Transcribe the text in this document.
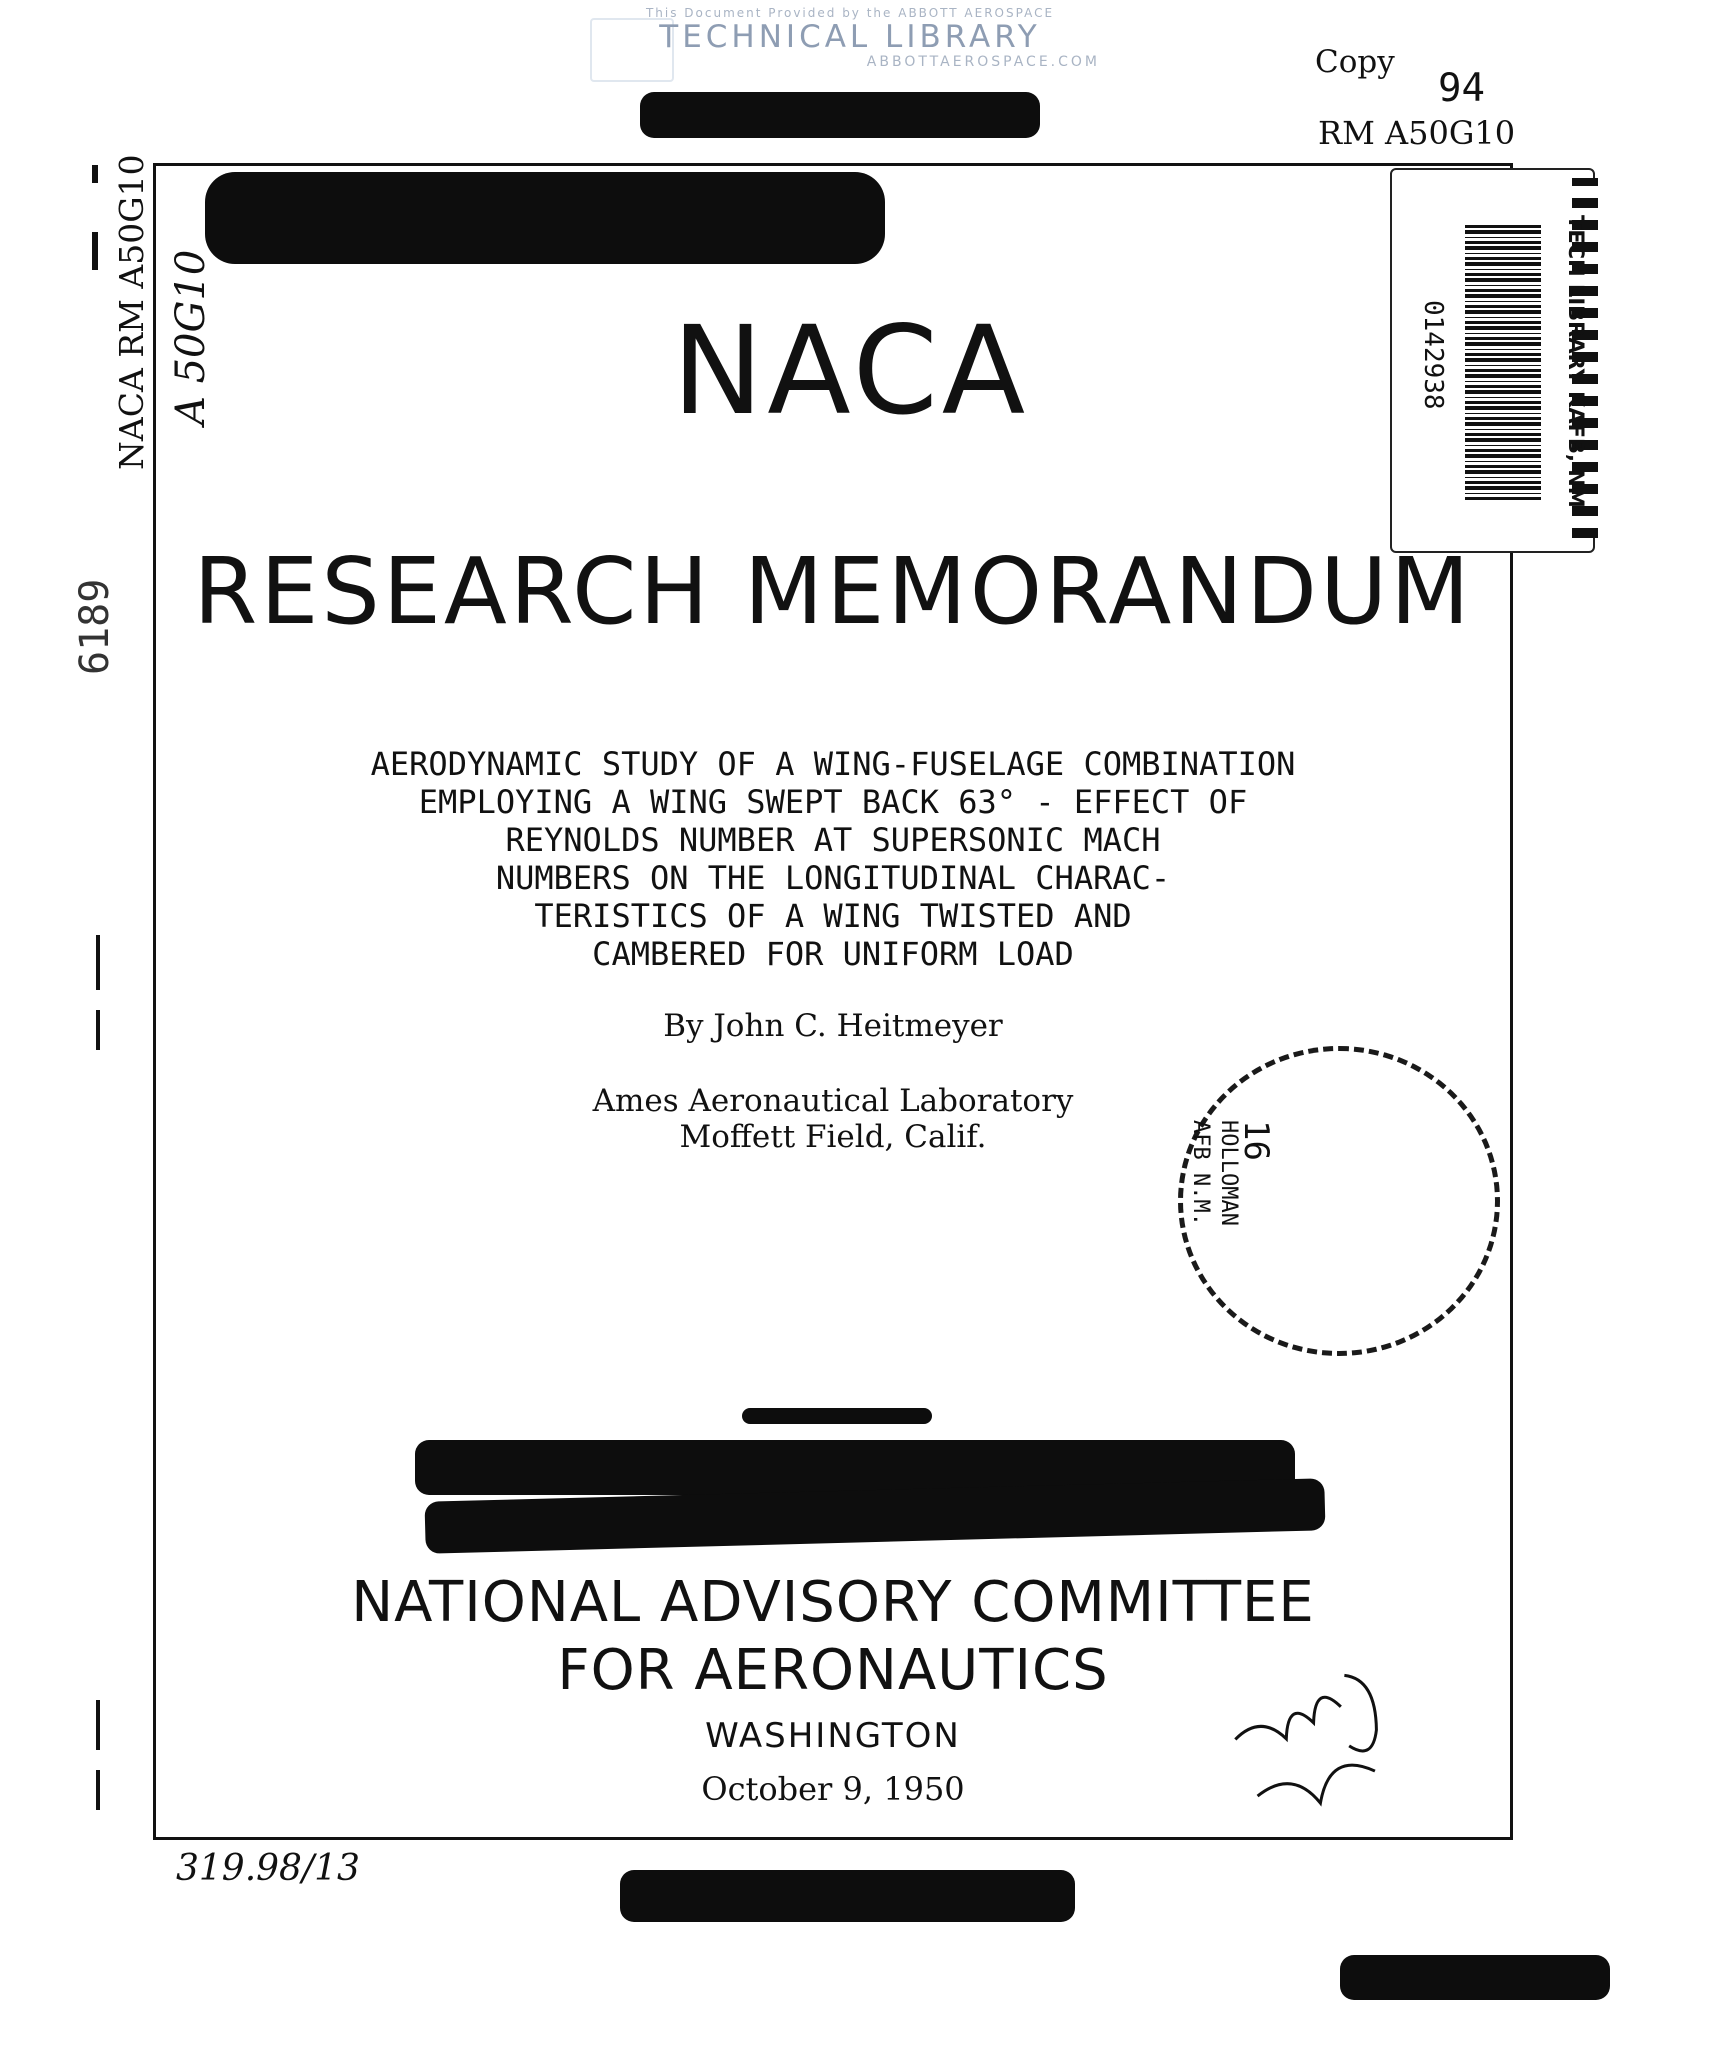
This Document Provided by the ABBOTT AEROSPACE
TECHNICAL LIBRARY
ABBOTTAEROSPACE.COM	Copy
94
RM A50G10
NACA RM A50G10 A 50G10
6189
TECH LIBRARY KAFB, NM
0142938
NACA
RESEARCH MEMORANDUM
AERODYNAMIC STUDY OF A WING-FUSELAGE COMBINATION
EMPLOYING A WING SWEPT BACK 63° - EFFECT OF
REYNOLDS NUMBER AT SUPERSONIC MACH
NUMBERS ON THE LONGITUDINAL CHARAC-
TERISTICS OF A WING TWISTED AND
CAMBERED FOR UNIFORM LOAD
By John C. Heitmeyer
Ames Aeronautical Laboratory
Moffett Field, Calif.	16
HOLLOMAN
AFB N.M.
NATIONAL ADVISORY COMMITTEE
FOR AERONAUTICS
WASHINGTON
October 9, 1950
319.98/13
